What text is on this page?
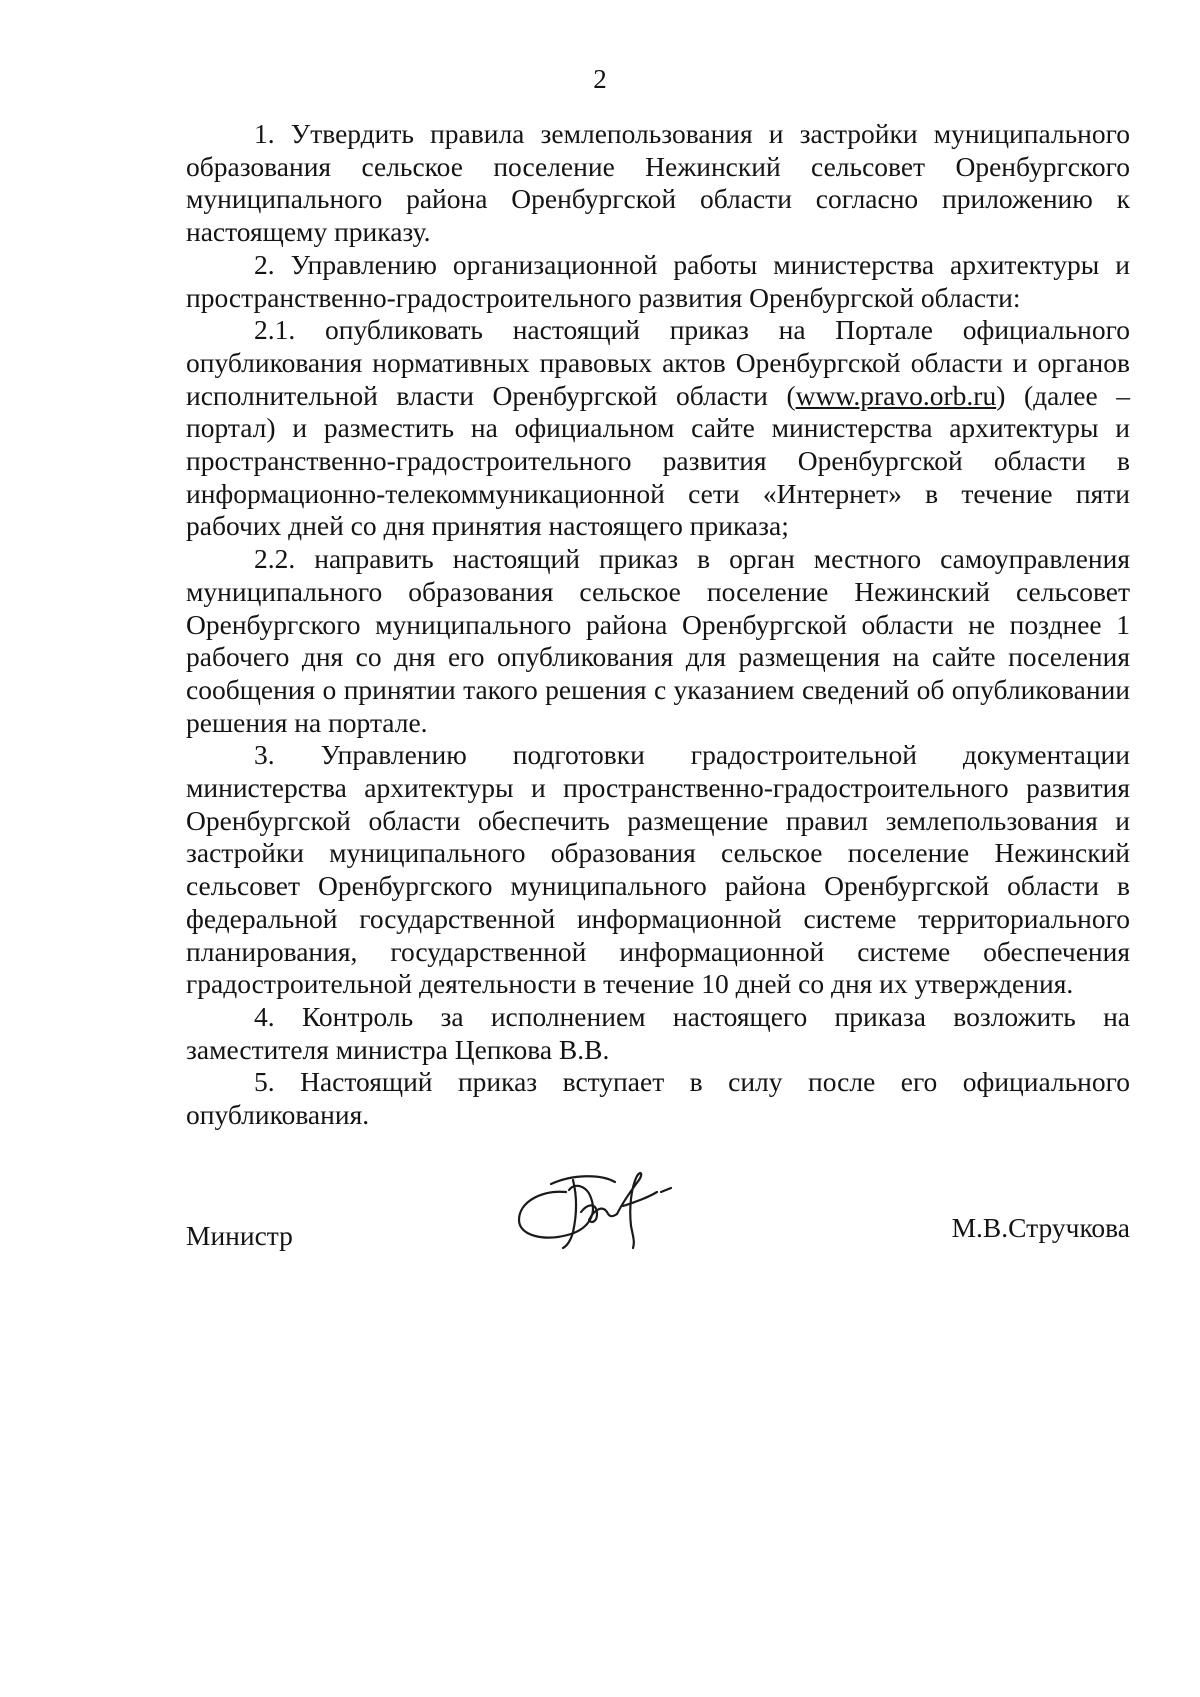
2

1. Утвердить правила землепользования и застройки муниципального образования сельское поселение Нежинский сельсовет Оренбургского муниципального района Оренбургской области согласно приложению к настоящему приказу.

2. Управлению организационной работы министерства архитектуры и пространственно-градостроительного развития Оренбургской области:

2.1. опубликовать настоящий приказ на Портале официального опубликования нормативных правовых актов Оренбургской области и органов исполнительной власти Оренбургской области (www.pravo.orb.ru) (далее – портал) и разместить на официальном сайте министерства архитектуры и пространственно-градостроительного развития Оренбургской области в информационно-телекоммуникационной сети «Интернет» в течение пяти рабочих дней со дня принятия настоящего приказа;

2.2. направить настоящий приказ в орган местного самоуправления муниципального образования сельское поселение Нежинский сельсовет Оренбургского муниципального района Оренбургской области не позднее 1 рабочего дня со дня его опубликования для размещения на сайте поселения сообщения о принятии такого решения с указанием сведений об опубликовании решения на портале.

3. Управлению подготовки градостроительной документации министерства архитектуры и пространственно-градостроительного развития Оренбургской области обеспечить размещение правил землепользования и застройки муниципального образования сельское поселение Нежинский сельсовет Оренбургского муниципального района Оренбургской области в федеральной государственной информационной системе территориального планирования, государственной информационной системе обеспечения градостроительной деятельности в течение 10 дней со дня их утверждения.

4. Контроль за исполнением настоящего приказа возложить на заместителя министра Цепкова В.В.

5. Настоящий приказ вступает в силу после его официального опубликования.

Министр	М.В.Стручкова
